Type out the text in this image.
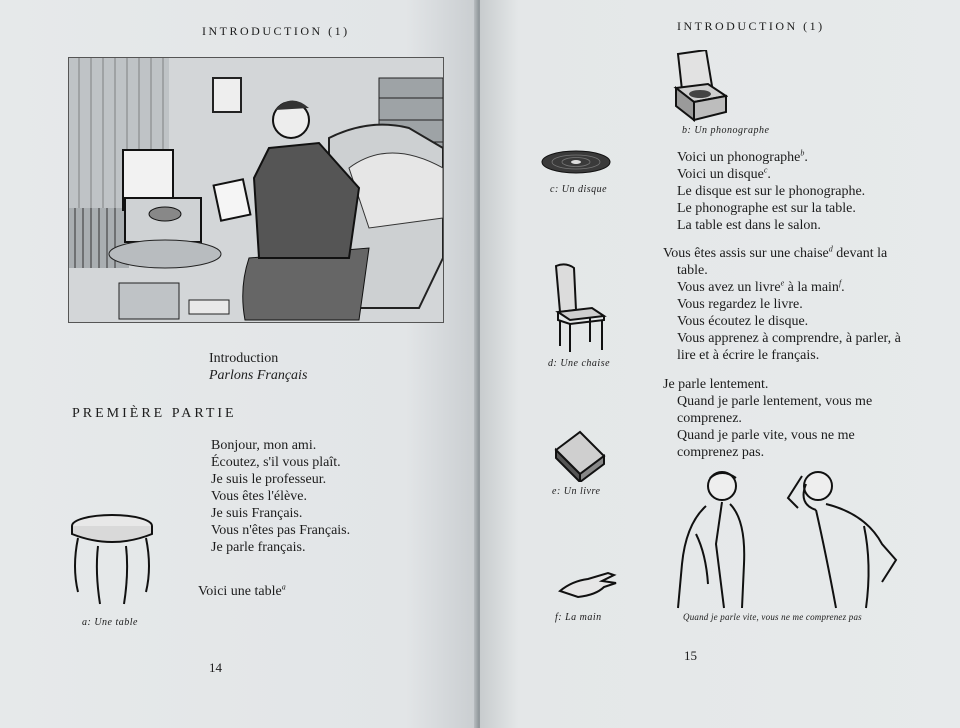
INTRODUCTION (1)
Introduction
Parlons Français
PREMIÈRE PARTIE
Bonjour, mon ami.
Écoutez, s'il vous plaît.
Je suis le professeur.
Vous êtes l'élève.
Je suis Français.
Vous n'êtes pas Français.
Je parle français.
Voici une table$^a$
a: Une table
14
INTRODUCTION (1)
b: Un phonographe
c: Un disque
Voici un phonographe$^b$.
Voici un disque$^c$.
Le disque est sur le phonographe.
Le phonographe est sur la table.
La table est dans le salon.
Vous êtes assis sur une chaise$^d$ devant la
table.
Vous avez un livre$^e$ à la main$^f$.
Vous regardez le livre.
Vous écoutez le disque.
Vous apprenez à comprendre, à parler, à
lire et à écrire le français.
d: Une chaise
Je parle lentement.
Quand je parle lentement, vous me
comprenez.
Quand je parle vite, vous ne me
comprenez pas.
e: Un livre
f: La main	Quand je parle vite, vous ne me comprenez pas
15
